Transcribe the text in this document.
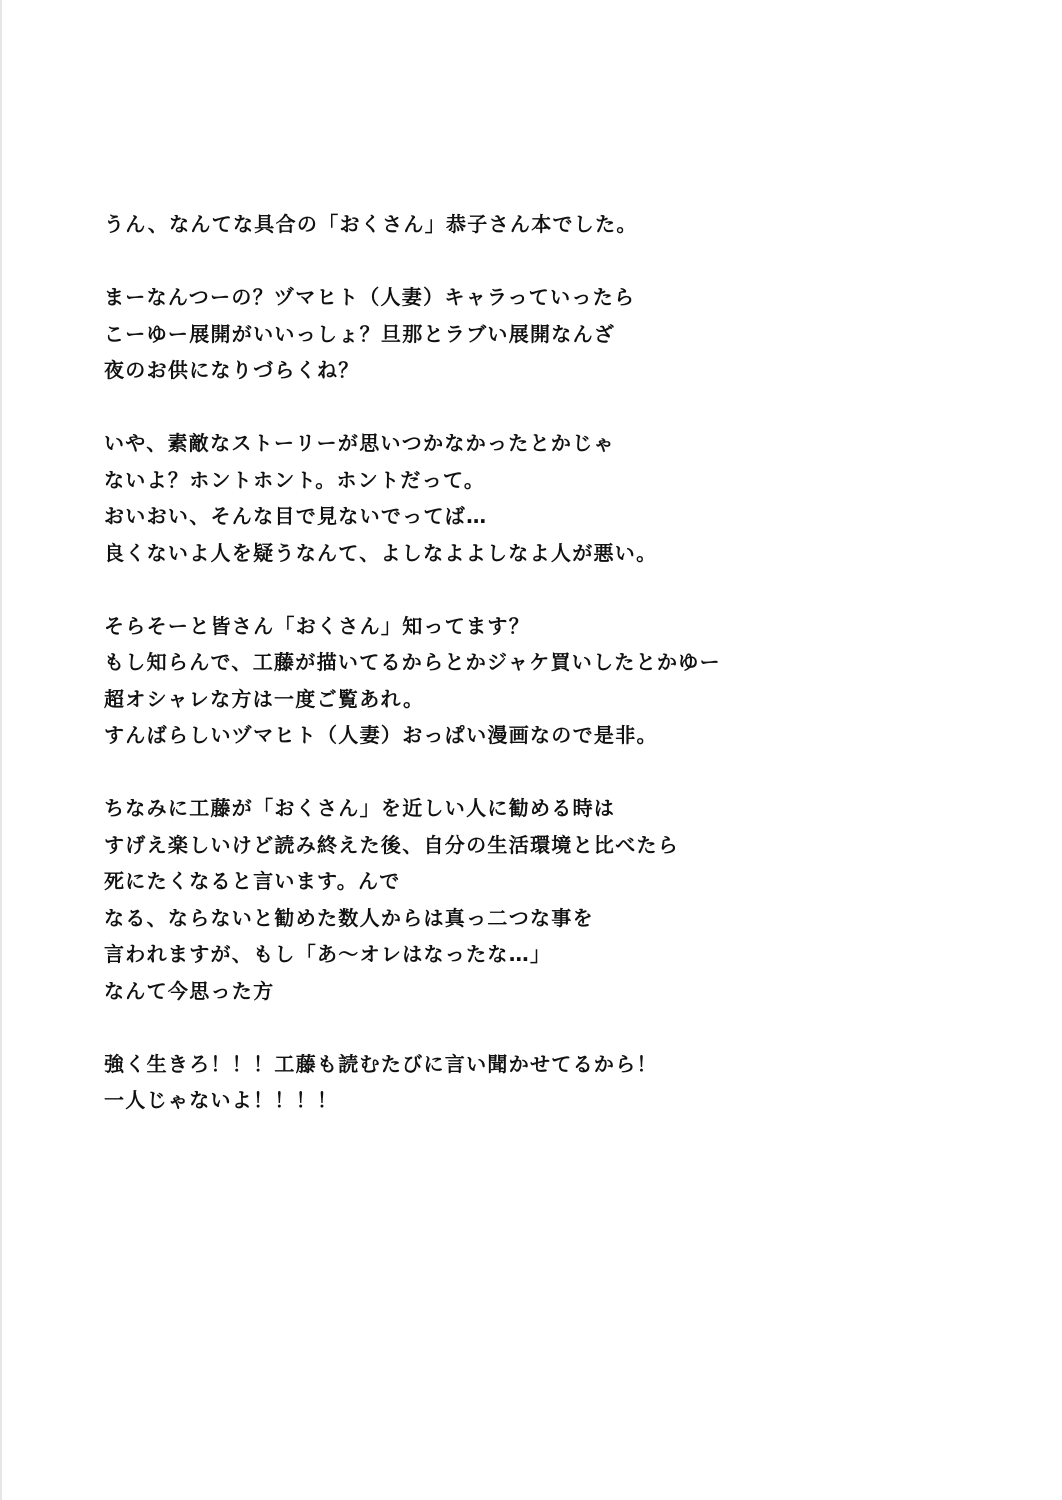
うん、なんてな具合の「おくさん」恭子さん本でした。
まーなんつーの？ヅマヒト（人妻）キャラっていったら
こーゆー展開がいいっしょ？旦那とラブい展開なんざ
夜のお供になりづらくね？
いや、素敵なストーリーが思いつかなかったとかじゃ
ないよ？ホントホント。ホントだって。
おいおい、そんな目で見ないでってば…
良くないよ人を疑うなんて、よしなよよしなよ人が悪い。
そらそーと皆さん「おくさん」知ってます？
もし知らんで、工藤が描いてるからとかジャケ買いしたとかゆー
超オシャレな方は一度ご覧あれ。
すんばらしいヅマヒト（人妻）おっぱい漫画なので是非。
ちなみに工藤が「おくさん」を近しい人に勧める時は
すげえ楽しいけど読み終えた後、自分の生活環境と比べたら
死にたくなると言います。んで
なる、ならないと勧めた数人からは真っ二つな事を
言われますが、もし「あ～オレはなったな…」
なんて今思った方
強く生きろ！！！工藤も読むたびに言い聞かせてるから！
一人じゃないよ！！！！
